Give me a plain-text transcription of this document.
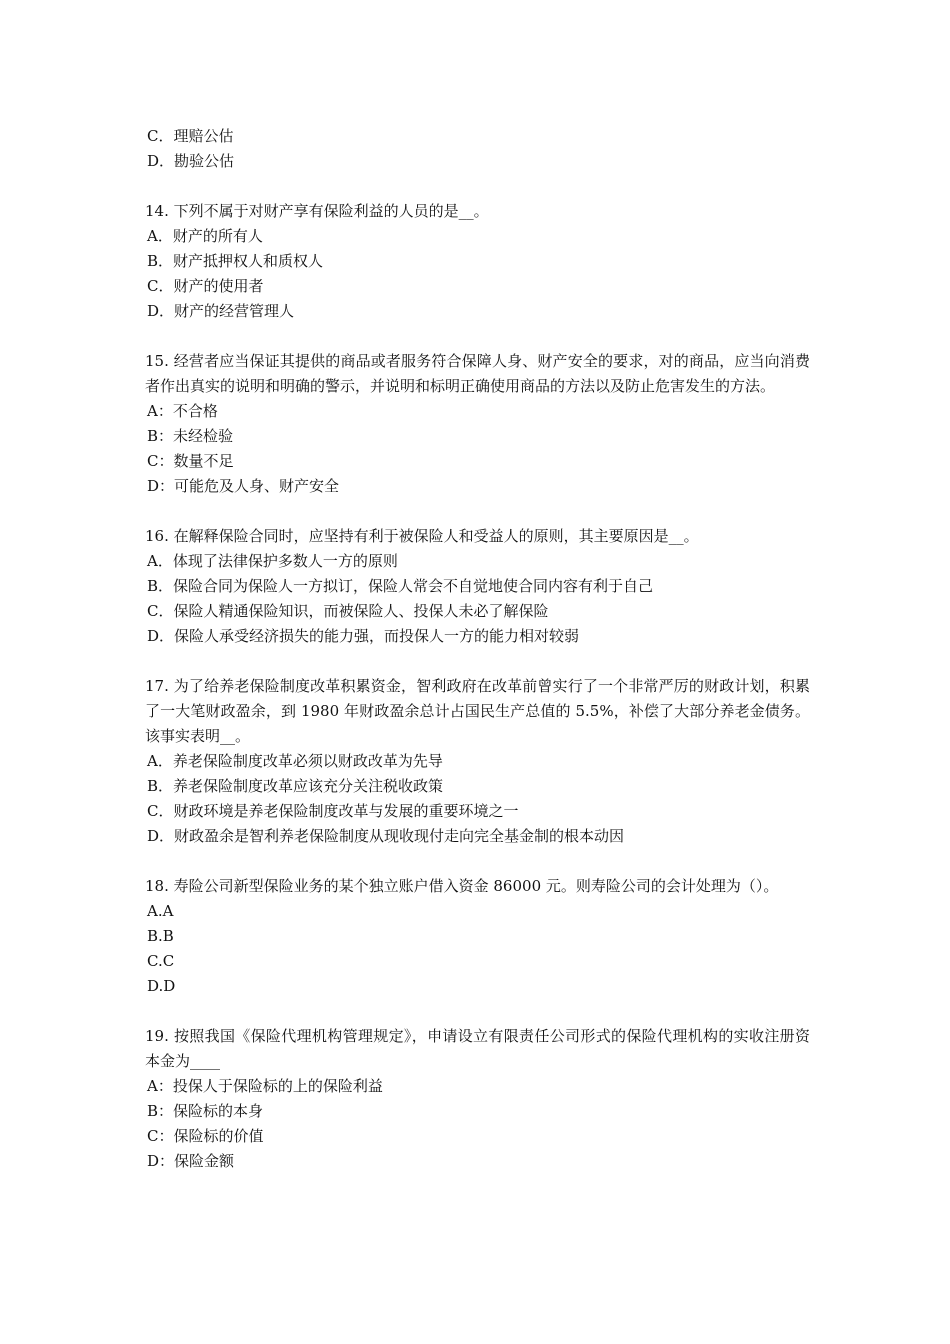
C．理赔公估

D．勘验公估

14. 下列不属于对财产享有保险利益的人员的是__。

A．财产的所有人

B．财产抵押权人和质权人

C．财产的使用者

D．财产的经营管理人

15. 经营者应当保证其提供的商品或者服务符合保障人身、财产安全的要求，对的商品，应当向消费者作出真实的说明和明确的警示，并说明和标明正确使用商品的方法以及防止危害发生的方法。

A：不合格

B：未经检验

C：数量不足

D：可能危及人身、财产安全

16. 在解释保险合同时，应坚持有利于被保险人和受益人的原则，其主要原因是__。

A．体现了法律保护多数人一方的原则

B．保险合同为保险人一方拟订，保险人常会不自觉地使合同内容有利于自己

C．保险人精通保险知识，而被保险人、投保人未必了解保险

D．保险人承受经济损失的能力强，而投保人一方的能力相对较弱

17. 为了给养老保险制度改革积累资金，智利政府在改革前曾实行了一个非常严厉的财政计划，积累了一大笔财政盈余，到 1980 年财政盈余总计占国民生产总值的 5.5%，补偿了大部分养老金债务。该事实表明__。

A．养老保险制度改革必须以财政改革为先导

B．养老保险制度改革应该充分关注税收政策

C．财政环境是养老保险制度改革与发展的重要环境之一

D．财政盈余是智利养老保险制度从现收现付走向完全基金制的根本动因

18. 寿险公司新型保险业务的某个独立账户借入资金 86000 元。则寿险公司的会计处理为（）。

A.A

B.B

C.C

D.D

19. 按照我国《保险代理机构管理规定》，申请设立有限责任公司形式的保险代理机构的实收注册资本金为____

A：投保人于保险标的上的保险利益

B：保险标的本身

C：保险标的价值

D：保险金额
